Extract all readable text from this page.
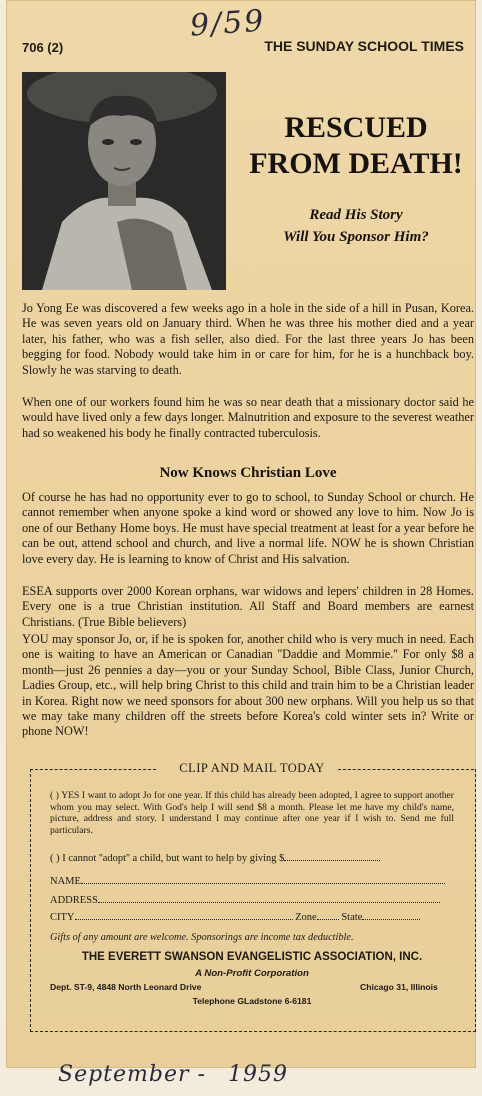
9/59
706 (2)	THE SUNDAY SCHOOL TIMES
RESCUED
FROM DEATH!
Read His Story
Will You Sponsor Him?
Jo Yong Ee was discovered a few weeks ago in a hole in the side of a hill in Pusan, Korea. He was seven years old on January third. When he was three his mother died and a year later, his father, who was a fish seller, also died. For the last three years Jo has been begging for food. Nobody would take him in or care for him, for he is a hunchback boy. Slowly he was starving to death.
When one of our workers found him he was so near death that a missionary doctor said he would have lived only a few days longer. Malnutrition and exposure to the severest weather had so weakened his body he finally contracted tuberculosis.
Now Knows Christian Love
Of course he has had no opportunity ever to go to school, to Sunday School or church. He cannot remember when anyone spoke a kind word or showed any love to him. Now Jo is one of our Bethany Home boys. He must have special treatment at least for a year before he can be out, attend school and church, and live a normal life. NOW he is shown Christian love every day. He is learning to know of Christ and His salvation.
ESEA supports over 2000 Korean orphans, war widows and lepers' children in 28 Homes. Every one is a true Christian institution. All Staff and Board members are earnest Christians. (True Bible believers)
YOU may sponsor Jo, or, if he is spoken for, another child who is very much in need. Each one is waiting to have an American or Canadian ''Daddie and Mommie.'' For only $8 a month—just 26 pennies a day—you or your Sunday School, Bible Class, Junior Church, Ladies Group, etc., will help bring Christ to this child and train him to be a Christian leader in Korea. Right now we need sponsors for about 300 new orphans. Will you help us so that we may take many children off the streets before Korea's cold winter sets in? Write or phone NOW!
CLIP AND MAIL TODAY
( ) YES I want to adopt Jo for one year. If this child has already been adopted, I agree to support another whom you may select. With God's help I will send $8 a month. Please let me have my child's name, picture, address and story. I understand I may continue after one year if I wish to. Send me full particulars.
( ) I cannot ''adopt'' a child, but want to help by giving $
NAME
ADDRESS
CITY	Zone State
Gifts of any amount are welcome. Sponsorings are income tax deductible.
THE EVERETT SWANSON EVANGELISTIC ASSOCIATION, INC.
A Non-Profit Corporation
Dept. ST-9, 4848 North Leonard Drive	Chicago 31, Illinois
Telephone GLadstone 6-6181
September - 1959
